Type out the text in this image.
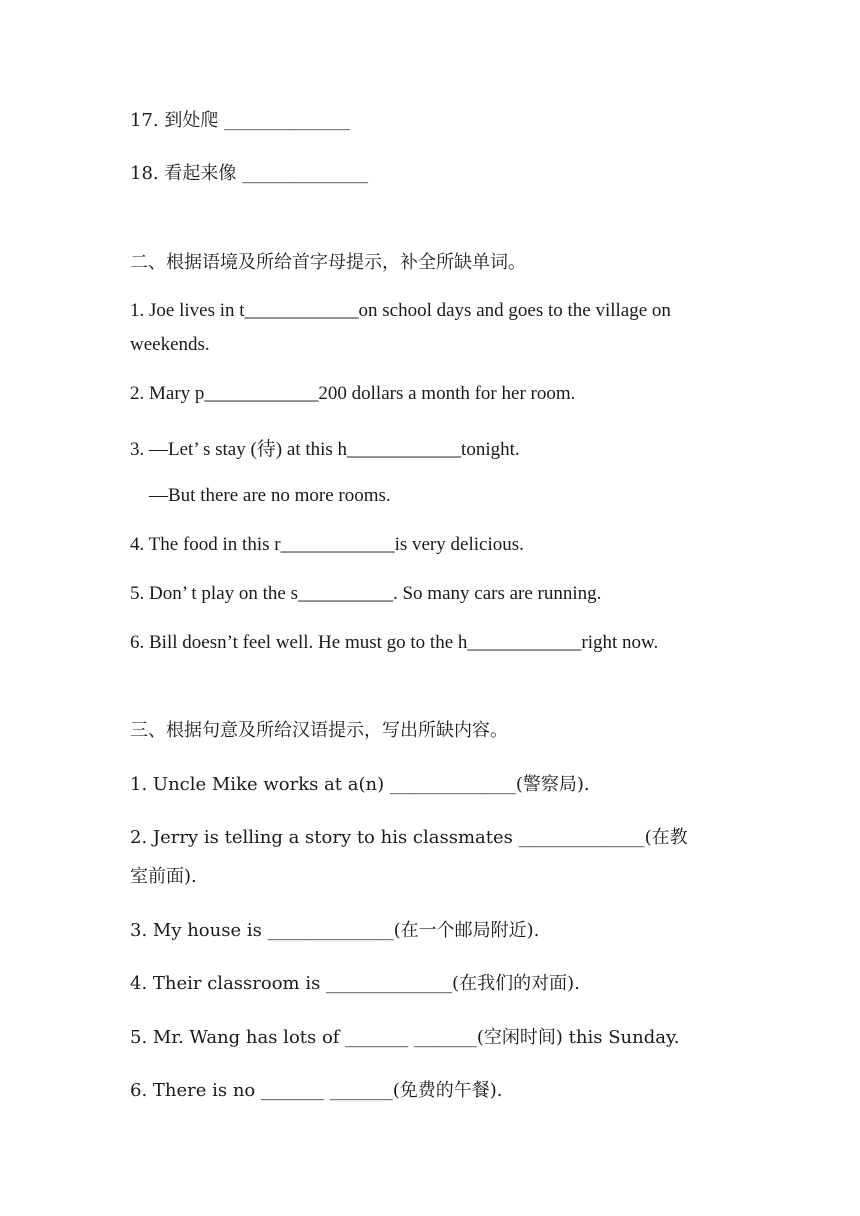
17. 到处爬 ______________
18. 看起来像 ______________
二、根据语境及所给首字母提示，补全所缺单词。
1. Joe lives in t____________on school days and goes to the village on
weekends.
2. Mary p____________200 dollars a month for her room.
3. —Let’ s stay (待) at this h____________tonight.
—But there are no more rooms.
4. The food in this r____________is very delicious.
5. Don’ t play on the s__________. So many cars are running.
6. Bill doesn’t feel well. He must go to the h____________right now.
三、根据句意及所给汉语提示，写出所缺内容。
1. Uncle Mike works at a(n) ______________(警察局).
2. Jerry is telling a story to his classmates ______________(在教
室前面).
3. My house is ______________(在一个邮局附近).
4. Their classroom is ______________(在我们的对面).
5. Mr. Wang has lots of _______ _______(空闲时间) this Sunday.
6. There is no _______ _______(免费的午餐).
